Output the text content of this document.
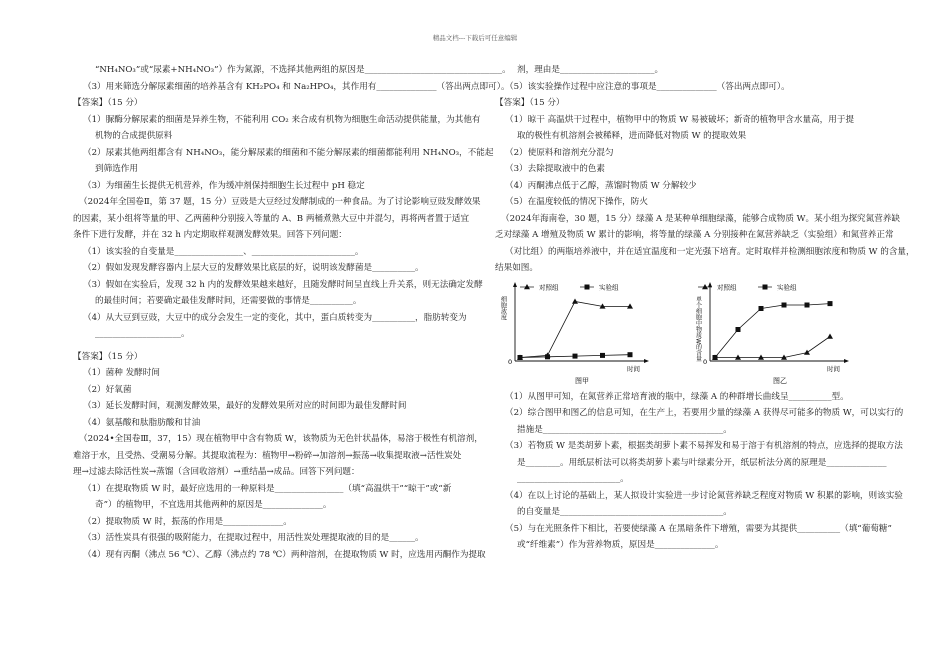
精品文档---下载后可任意编辑
“NH₄NO₃”或“尿素+NH₄NO₃”）作为氮源，不选择其他两组的原因是________________________________。
（3）用来筛选分解尿素细菌的培养基含有 KH₂PO₄ 和 Na₂HPO₄，其作用有______________（答出两点即可）。
【答案】（15 分）
（1）脲酶分解尿素的细菌是异养生物，不能利用 CO₂ 来合成有机物为细胞生命活动提供能量，为其他有
机物的合成提供原料
（2）尿素其他两组都含有 NH₄NO₃，能分解尿素的细菌和不能分解尿素的细菌都能利用 NH₄NO₃，不能起
到筛选作用
（3）为细菌生长提供无机营养，作为缓冲剂保持细胞生长过程中 pH 稳定
（2024年全国卷Ⅱ，第 37 题，15 分）豆豉是大豆经过发酵制成的一种食品。为了讨论影响豆豉发酵效果
的因素，某小组将等量的甲、乙两菌种分别接入等量的 A、B 两桶煮熟大豆中并混匀，再将两者置于适宜
条件下进行发酵，并在 32 h 内定期取样观测发酵效果。回答下列问题：
（1）该实验的自变量是________________、________________________。
（2）假如发现发酵容器内上层大豆的发酵效果比底层的好，说明该发酵菌是__________。
（3）假如在实验后，发现 32 h 内的发酵效果越来越好，且随发酵时间呈直线上升关系，则无法确定发酵
的最佳时间；若要确定最佳发酵时间，还需要做的事情是__________。
（4）从大豆到豆豉，大豆中的成分会发生一定的变化，其中，蛋白质转变为__________，脂肪转变为
____________________。
【答案】（15 分）
（1）菌种 发酵时间
（2）好氧菌
（3）延长发酵时间，观测发酵效果，最好的发酵效果所对应的时间即为最佳发酵时间
（4）氨基酸和肽脂肪酸和甘油
（2024•全国卷Ⅲ，37，15）现在植物甲中含有物质 W，该物质为无色针状晶体，易溶于极性有机溶剂，
难溶于水，且受热、受潮易分解。其提取流程为：植物甲→粉碎→加溶剂→振荡→收集提取液→活性炭处
理→过滤去除活性炭→蒸馏（含回收溶剂）→重结晶→成品。回答下列问题：
（1）在提取物质 W 时，最好应选用的一种原料是________________（填“高温烘干”“晾干”或“新
奇”）的植物甲，不宜选用其他两种的原因是______________。
（2）提取物质 W 时，振荡的作用是______________。
（3）活性炭具有很强的吸附能力，在提取过程中，用活性炭处理提取液的目的是______。
（4）现有丙酮（沸点 56 ℃）、乙醇（沸点约 78 ℃）两种溶剂，在提取物质 W 时，应选用丙酮作为提取
剂，理由是______________________。
（5）该实验操作过程中应注意的事项是______________（答出两点即可）。
【答案】（15 分）
（1）晾干 高温烘干过程中，植物甲中的物质 W 易被破坏；新奇的植物甲含水量高，用于提
取的极性有机溶剂会被稀释，进而降低对物质 W 的提取效果
（2）使原料和溶剂充分混匀
（3）去除提取液中的色素
（4）丙酮沸点低于乙醇，蒸馏时物质 W 分解较少
（5）在温度较低的情况下操作，防火
（2024年海南卷，30 题，15 分）绿藻 A 是某种单细胞绿藻，能够合成物质 W。某小组为探究氮营养缺
乏对绿藻 A 增殖及物质 W 累计的影响，将等量的绿藻 A 分别接种在氮营养缺乏（实验组）和氮营养正常
（对比组）的两瓶培养液中，并在适宜温度和一定光强下培育。定时取样并检测细胞浓度和物质 W 的含量，
结果如图。
0
时间
图甲
细胞浓度
对照组	实验组
0
时间
图乙
单个细胞中物质W的含量
对照组	实验组
（1）从图甲可知，在氮营养正常培育液的瓶中，绿藻 A 的种群增长曲线呈__________型。
（2）综合图甲和图乙的信息可知，在生产上，若要用少量的绿藻 A 获得尽可能多的物质 W，可以实行的
措施是__________________________________________。
（3）若物质 W 是类胡萝卜素，根据类胡萝卜素不易挥发和易于溶于有机溶剂的特点，应选择的提取方法
是________。用纸层析法可以将类胡萝卜素与叶绿素分开，纸层析法分离的原理是______________
________________________。
（4）在以上讨论的基础上，某人拟设计实验进一步讨论氮营养缺乏程度对物质 W 积累的影响，则该实验
的自变量是______________________________________。
（5）与在光照条件下相比，若要使绿藻 A 在黑暗条件下增殖，需要为其提供__________（填“葡萄糖”
或“纤维素”）作为营养物质，原因是______________。
